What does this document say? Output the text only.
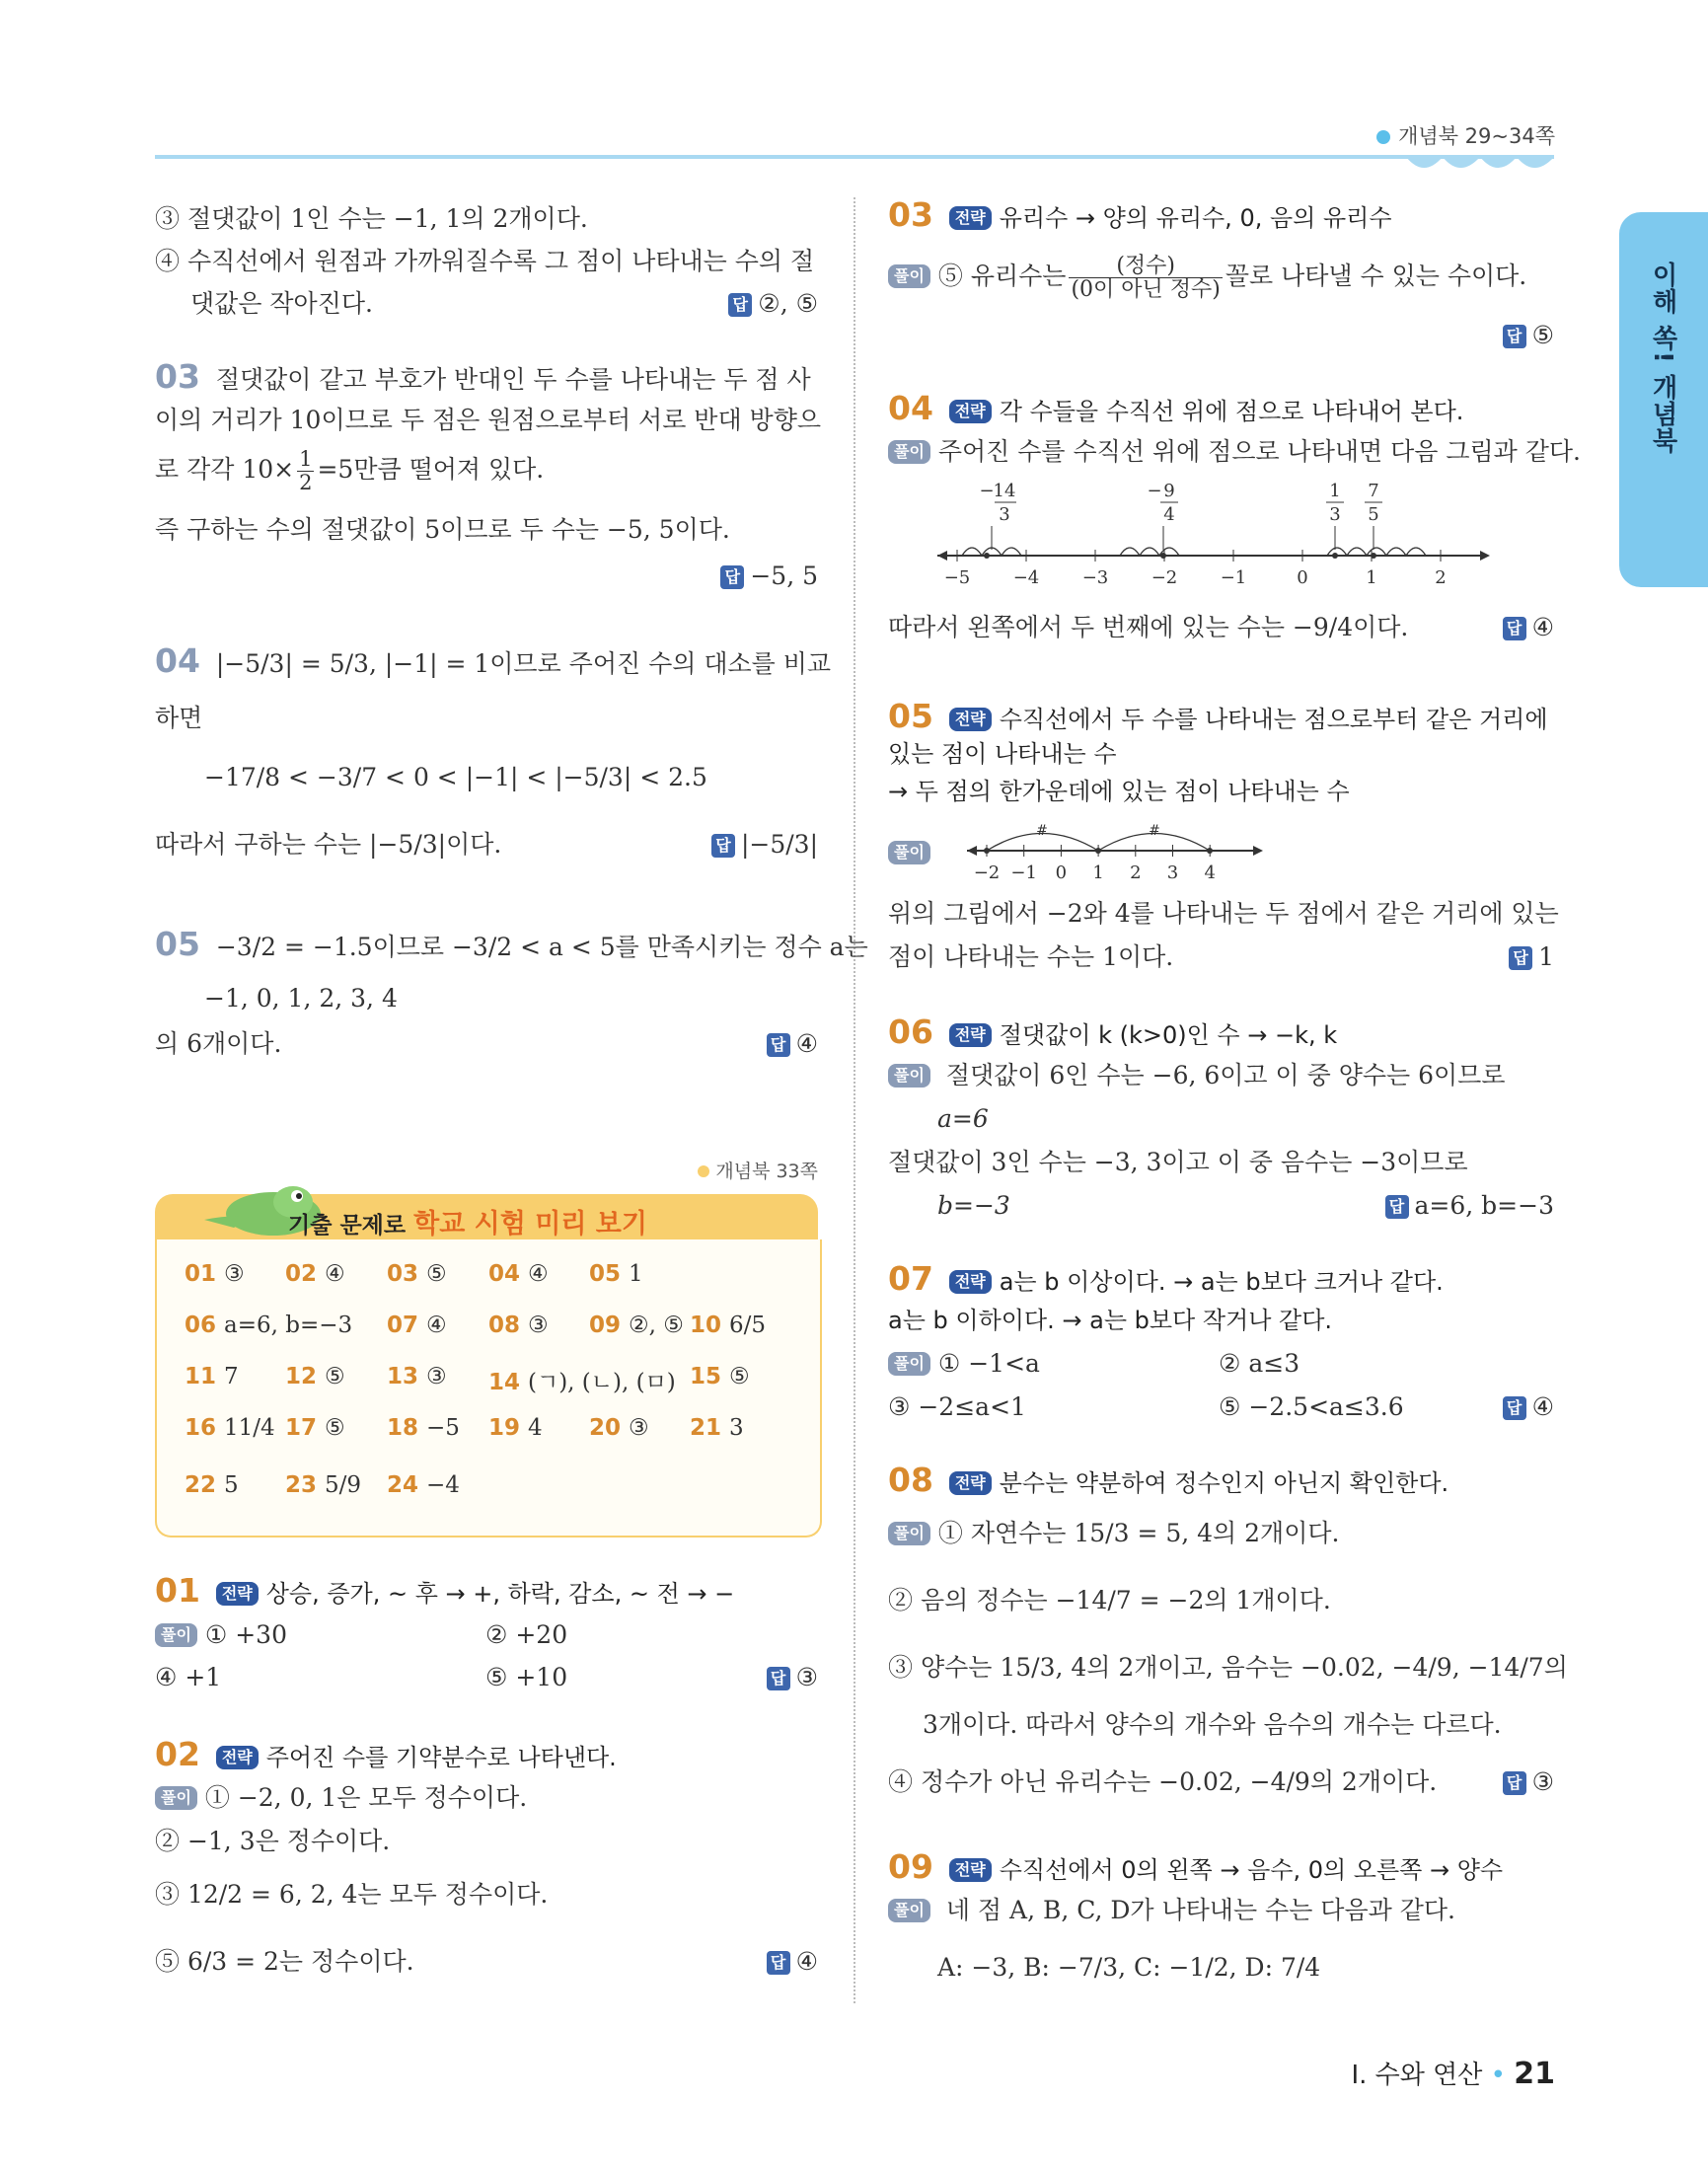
개념북 29~34쪽
이해 쏙! 개념북
③ 절댓값이 1인 수는 −1, 1의 2개이다.
④ 수직선에서 원점과 가까워질수록 그 점이 나타내는 수의 절
댓값은 작아진다.	답 ②, ⑤
03 절댓값이 같고 부호가 반대인 두 수를 나타내는 두 점 사
이의 거리가 10이므로 두 점은 원점으로부터 서로 반대 방향으
로 각각 $10\times \frac{1}{2} =5$만큼 떨어져 있다.
즉 구하는 수의 절댓값이 5이므로 두 수는 −5, 5이다.
답 −5, 5
04 |−5/3| = 5/3, |−1| = 1이므로 주어진 수의 대소를 비교
하면
−17/8 < −3/7 < 0 < |−1| < |−5/3| < 2.5
따라서 구하는 수는 |−5/3|이다.	답 |−5/3|
05 −3/2 = −1.5이므로 −3/2 < a < 5를 만족시키는 정수 a는
−1, 0, 1, 2, 3, 4
의 6개이다.	답 ④
개념북 33쪽
기출 문제로 학교 시험 미리 보기
01 ③ 02 ④ 03 ⑤ 04 ④ 05 1
06 a=6, b=−3 07 ④ 08 ③ 09 ②, ⑤ 10 6/5
11 7 12 ⑤ 13 ③ 14 (ㄱ), (ㄴ), (ㅁ) 15 ⑤
16 11/4 17 ⑤ 18 −5 19 4 20 ③ 21 3
22 5 23 5/9 24 −4
01 전략 상승, 증가, ~ 후 → +, 하락, 감소, ~ 전 → −
풀이 ① +30	② +20
④ +1	⑤ +10	답 ③
02 전략 주어진 수를 기약분수로 나타낸다.
풀이 ① −2, 0, 1은 모두 정수이다.
② −1, 3은 정수이다.
③ 12/2 = 6, 2, 4는 모두 정수이다.
⑤ 6/3 = 2는 정수이다.	답 ④
03 전략 유리수 → 양의 유리수, 0, 음의 유리수
풀이 ⑤ 유리수는 $\frac{\text{(정수)}}{\text{(0이 아닌 정수)}}$ 꼴로 나타낼 수 있는 수이다.
답 ⑤
04 전략 각 수들을 수직선 위에 점으로 나타내어 본다.
풀이 주어진 수를 수직선 위에 점으로 나타내면 다음 그림과 같다.
−5 −4 −3 −2 −1	0	1	2
− 14
3
− 9
4
1
3
7
5
따라서 왼쪽에서 두 번째에 있는 수는 −9/4이다.	답 ④
05 전략 수직선에서 두 수를 나타내는 점으로부터 같은 거리에
있는 점이 나타내는 수
→ 두 점의 한가운데에 있는 점이 나타내는 수
풀이
−2 −1 0 1 2 3 4
#	#
위의 그림에서 −2와 4를 나타내는 두 점에서 같은 거리에 있는
점이 나타내는 수는 1이다.	답 1
06 전략 절댓값이 k (k>0)인 수 → −k, k
풀이 절댓값이 6인 수는 −6, 6이고 이 중 양수는 6이므로
a=6
절댓값이 3인 수는 −3, 3이고 이 중 음수는 −3이므로
b=−3	답 a=6, b=−3
07 전략 a는 b 이상이다. → a는 b보다 크거나 같다.
a는 b 이하이다. → a는 b보다 작거나 같다.
풀이 ① −1<a	② a≤3
③ −2≤a<1	⑤ −2.5<a≤3.6	답 ④
08 전략 분수는 약분하여 정수인지 아닌지 확인한다.
풀이 ① 자연수는 15/3 = 5, 4의 2개이다.
② 음의 정수는 −14/7 = −2의 1개이다.
③ 양수는 15/3, 4의 2개이고, 음수는 −0.02, −4/9, −14/7의
3개이다. 따라서 양수의 개수와 음수의 개수는 다르다.
④ 정수가 아닌 유리수는 −0.02, −4/9의 2개이다.	답 ③
09 전략 수직선에서 0의 왼쪽 → 음수, 0의 오른쪽 → 양수
풀이 네 점 A, B, C, D가 나타내는 수는 다음과 같다.
A: −3, B: −7/3, C: −1/2, D: 7/4
Ⅰ. 수와 연산 • 21
